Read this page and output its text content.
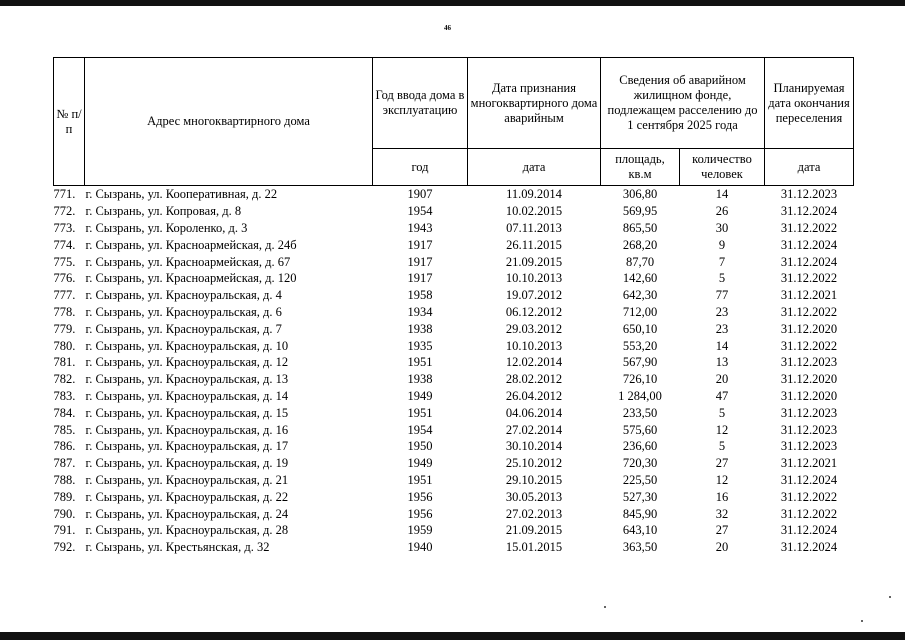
46
№ п/п	Адрес многоквартирного дома	Год ввода дома в эксплуатацию	Дата признания многоквартирного дома аварийным	Сведения об аварийном жилищном фонде, подлежащем расселению до 1 сентября 2025 года		Планируемая дата окончания переселения
		год	дата	площадь, кв.м	количество человек	дата
771.	г. Сызрань, ул. Кооперативная, д. 22	1907	11.09.2014	306,80	14	31.12.2023
772.	г. Сызрань, ул. Копровая, д. 8	1954	10.02.2015	569,95	26	31.12.2024
773.	г. Сызрань, ул. Короленко, д. 3	1943	07.11.2013	865,50	30	31.12.2022
774.	г. Сызрань, ул. Красноармейская, д. 24б	1917	26.11.2015	268,20	9	31.12.2024
775.	г. Сызрань, ул. Красноармейская, д. 67	1917	21.09.2015	87,70	7	31.12.2024
776.	г. Сызрань, ул. Красноармейская, д. 120	1917	10.10.2013	142,60	5	31.12.2022
777.	г. Сызрань, ул. Красноуральская, д. 4	1958	19.07.2012	642,30	77	31.12.2021
778.	г. Сызрань, ул. Красноуральская, д. 6	1934	06.12.2012	712,00	23	31.12.2022
779.	г. Сызрань, ул. Красноуральская, д. 7	1938	29.03.2012	650,10	23	31.12.2020
780.	г. Сызрань, ул. Красноуральская, д. 10	1935	10.10.2013	553,20	14	31.12.2022
781.	г. Сызрань, ул. Красноуральская, д. 12	1951	12.02.2014	567,90	13	31.12.2023
782.	г. Сызрань, ул. Красноуральская, д. 13	1938	28.02.2012	726,10	20	31.12.2020
783.	г. Сызрань, ул. Красноуральская, д. 14	1949	26.04.2012	1 284,00	47	31.12.2020
784.	г. Сызрань, ул. Красноуральская, д. 15	1951	04.06.2014	233,50	5	31.12.2023
785.	г. Сызрань, ул. Красноуральская, д. 16	1954	27.02.2014	575,60	12	31.12.2023
786.	г. Сызрань, ул. Красноуральская, д. 17	1950	30.10.2014	236,60	5	31.12.2023
787.	г. Сызрань, ул. Красноуральская, д. 19	1949	25.10.2012	720,30	27	31.12.2021
788.	г. Сызрань, ул. Красноуральская, д. 21	1951	29.10.2015	225,50	12	31.12.2024
789.	г. Сызрань, ул. Красноуральская, д. 22	1956	30.05.2013	527,30	16	31.12.2022
790.	г. Сызрань, ул. Красноуральская, д. 24	1956	27.02.2013	845,90	32	31.12.2022
791.	г. Сызрань, ул. Красноуральская, д. 28	1959	21.09.2015	643,10	27	31.12.2024
792.	г. Сызрань, ул. Крестьянская, д. 32	1940	15.01.2015	363,50	20	31.12.2024
